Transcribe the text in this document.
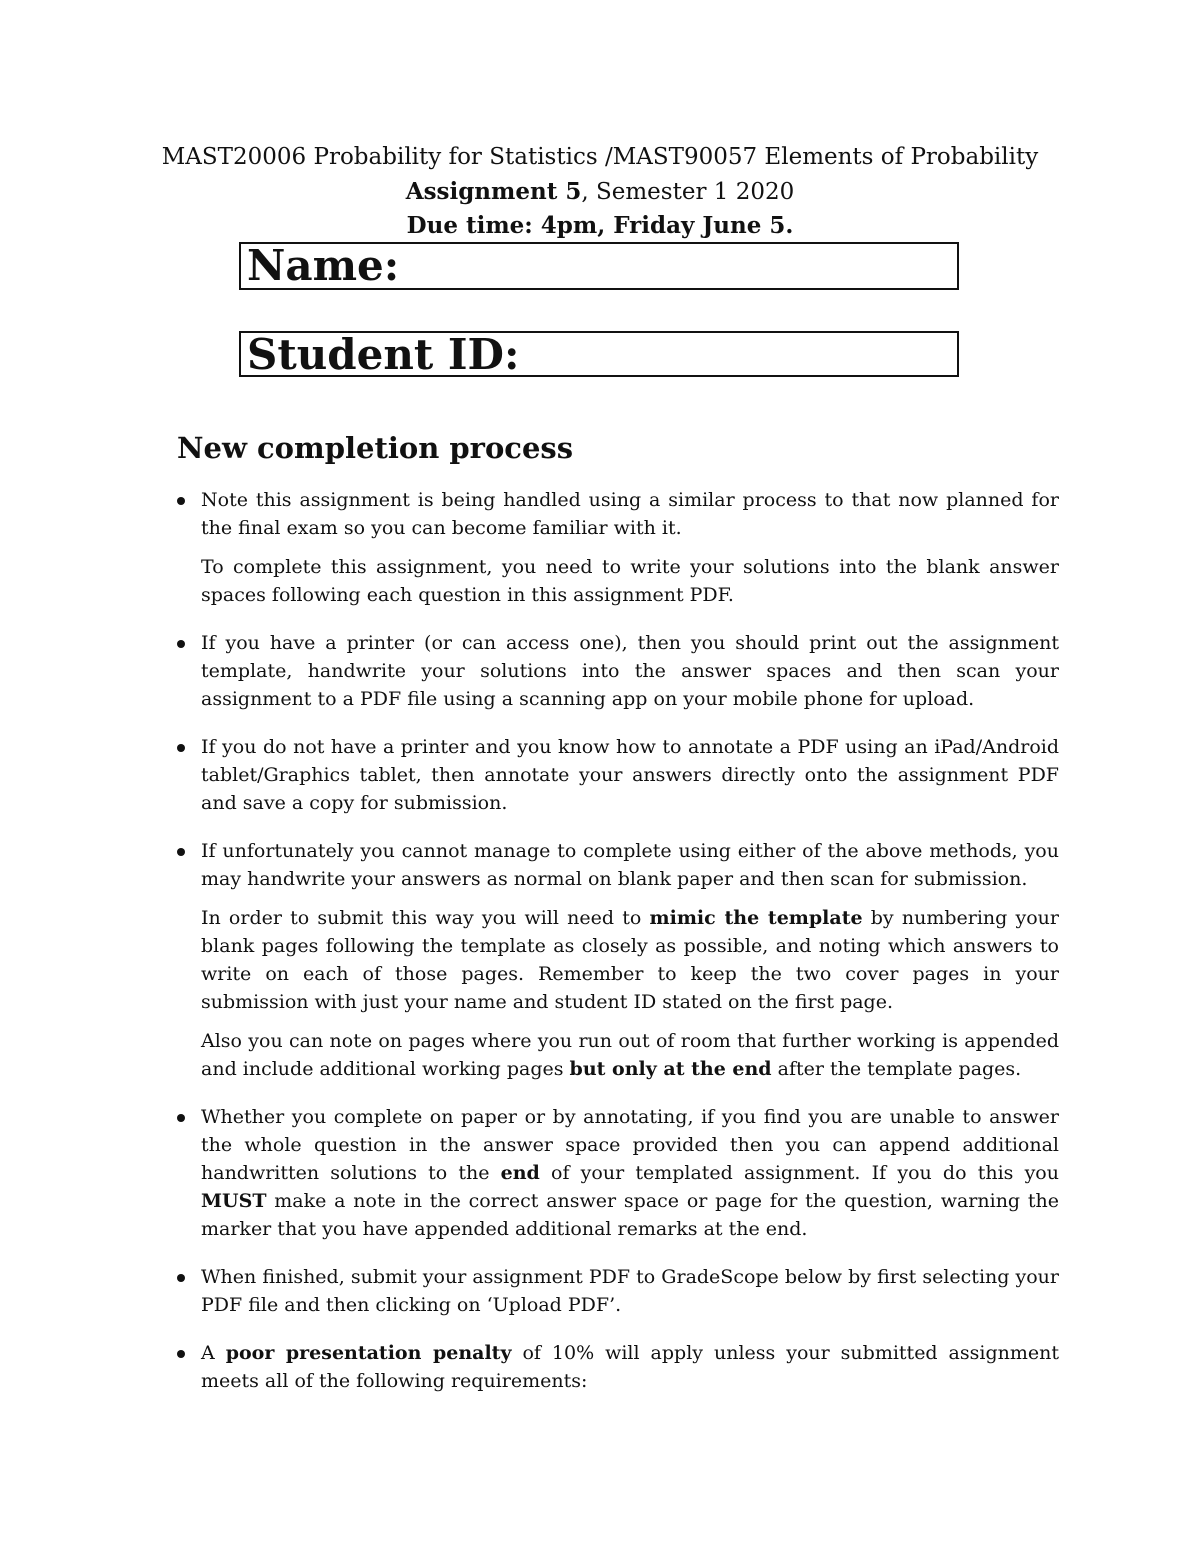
MAST20006 Probability for Statistics /MAST90057 Elements of Probability
Assignment 5, Semester 1 2020
Due time: 4pm, Friday June 5.
Name:
Student ID:
New completion process

Note this assignment is being handled using a similar process to that now planned for the final exam so you can become familiar with it.

To complete this assignment, you need to write your solutions into the blank answer spaces following each question in this assignment PDF.

If you have a printer (or can access one), then you should print out the assignment template, handwrite your solutions into the answer spaces and then scan your assignment to a PDF file using a scanning app on your mobile phone for upload.

If you do not have a printer and you know how to annotate a PDF using an iPad/Android tablet/Graphics tablet, then annotate your answers directly onto the assignment PDF and save a copy for submission.

If unfortunately you cannot manage to complete using either of the above methods, you may handwrite your answers as normal on blank paper and then scan for submission.

In order to submit this way you will need to mimic the template by numbering your blank pages following the template as closely as possible, and noting which answers to write on each of those pages. Remember to keep the two cover pages in your submission with just your name and student ID stated on the first page.

Also you can note on pages where you run out of room that further working is appended and include additional working pages but only at the end after the template pages.

Whether you complete on paper or by annotating, if you find you are unable to answer the whole question in the answer space provided then you can append additional handwritten solutions to the end of your templated assignment. If you do this you MUST make a note in the correct answer space or page for the question, warning the marker that you have appended additional remarks at the end.

When finished, submit your assignment PDF to GradeScope below by first selecting your PDF file and then clicking on ‘Upload PDF’.

A poor presentation penalty of 10% will apply unless your submitted assignment meets all of the following requirements:
